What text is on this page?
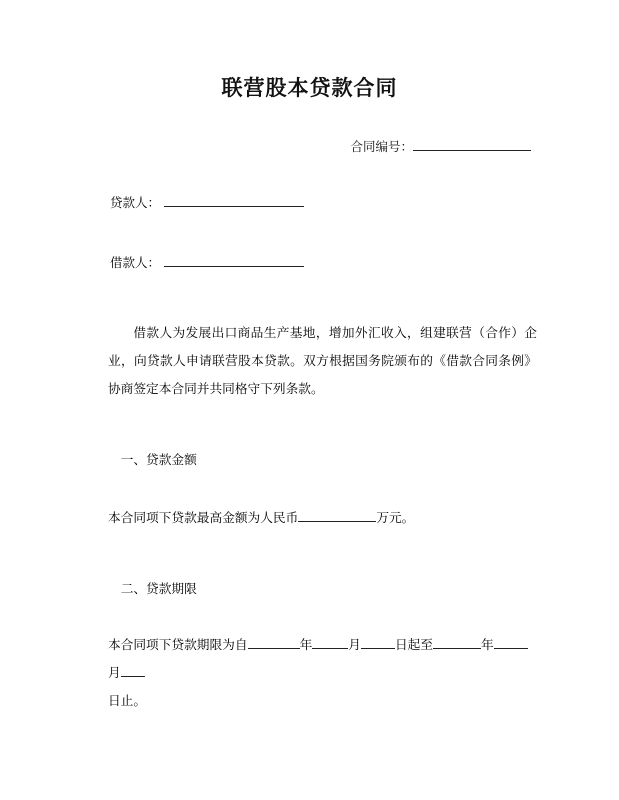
联营股本贷款合同
合同编号：
贷款人：
借款人：

借款人为发展出口商品生产基地，增加外汇收入，组建联营（合作）企业，向贷款人申请联营股本贷款。双方根据国务院颁布的《借款合同条例》协商签定本合同并共同格守下列条款。

一、贷款金额
本合同项下贷款最高金额为人民币	万元。
二、贷款期限
本合同项下贷款期限为自	年	月	日起至	年月
日止。
